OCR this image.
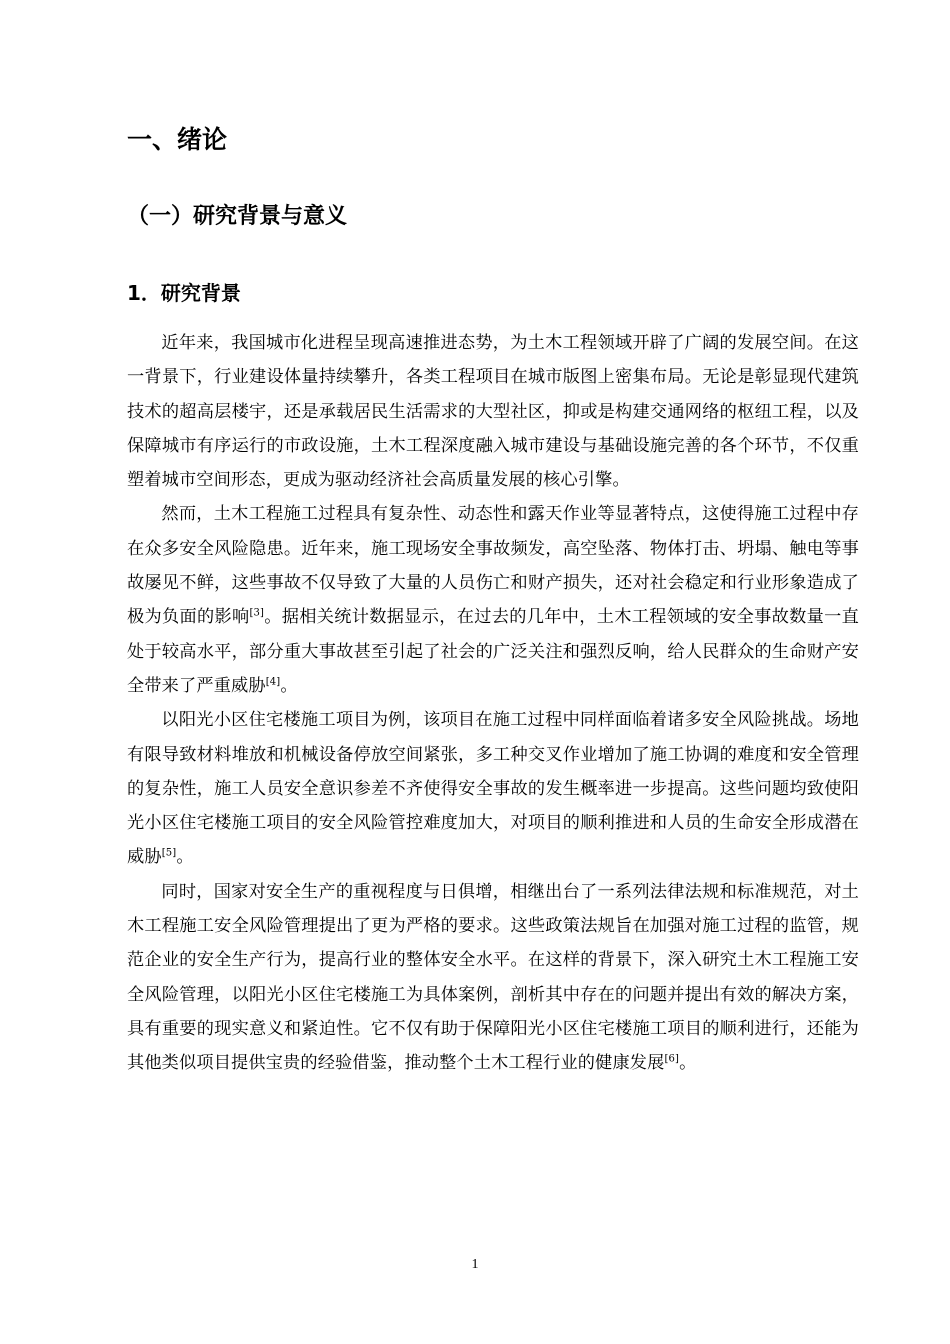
一、绪论
（一）研究背景与意义
1．研究背景

近年来，我国城市化进程呈现高速推进态势，为土木工程领域开辟了广阔的发展空间。在这一背景下，行业建设体量持续攀升，各类工程项目在城市版图上密集布局。无论是彰显现代建筑技术的超高层楼宇，还是承载居民生活需求的大型社区，抑或是构建交通网络的枢纽工程，以及保障城市有序运行的市政设施，土木工程深度融入城市建设与基础设施完善的各个环节，不仅重塑着城市空间形态，更成为驱动经济社会高质量发展的核心引擎。

然而，土木工程施工过程具有复杂性、动态性和露天作业等显著特点，这使得施工过程中存在众多安全风险隐患。近年来，施工现场安全事故频发，高空坠落、物体打击、坍塌、触电等事故屡见不鲜，这些事故不仅导致了大量的人员伤亡和财产损失，还对社会稳定和行业形象造成了极为负面的影响[3]。据相关统计数据显示，在过去的几年中，土木工程领域的安全事故数量一直处于较高水平，部分重大事故甚至引起了社会的广泛关注和强烈反响，给人民群众的生命财产安全带来了严重威胁[4]。

以阳光小区住宅楼施工项目为例，该项目在施工过程中同样面临着诸多安全风险挑战。场地有限导致材料堆放和机械设备停放空间紧张，多工种交叉作业增加了施工协调的难度和安全管理的复杂性，施工人员安全意识参差不齐使得安全事故的发生概率进一步提高。这些问题均致使阳光小区住宅楼施工项目的安全风险管控难度加大，对项目的顺利推进和人员的生命安全形成潜在威胁[5]。

同时，国家对安全生产的重视程度与日俱增，相继出台了一系列法律法规和标准规范，对土木工程施工安全风险管理提出了更为严格的要求。这些政策法规旨在加强对施工过程的监管，规范企业的安全生产行为，提高行业的整体安全水平。在这样的背景下，深入研究土木工程施工安全风险管理，以阳光小区住宅楼施工为具体案例，剖析其中存在的问题并提出有效的解决方案，具有重要的现实意义和紧迫性。它不仅有助于保障阳光小区住宅楼施工项目的顺利进行，还能为其他类似项目提供宝贵的经验借鉴，推动整个土木工程行业的健康发展[6]。

1
